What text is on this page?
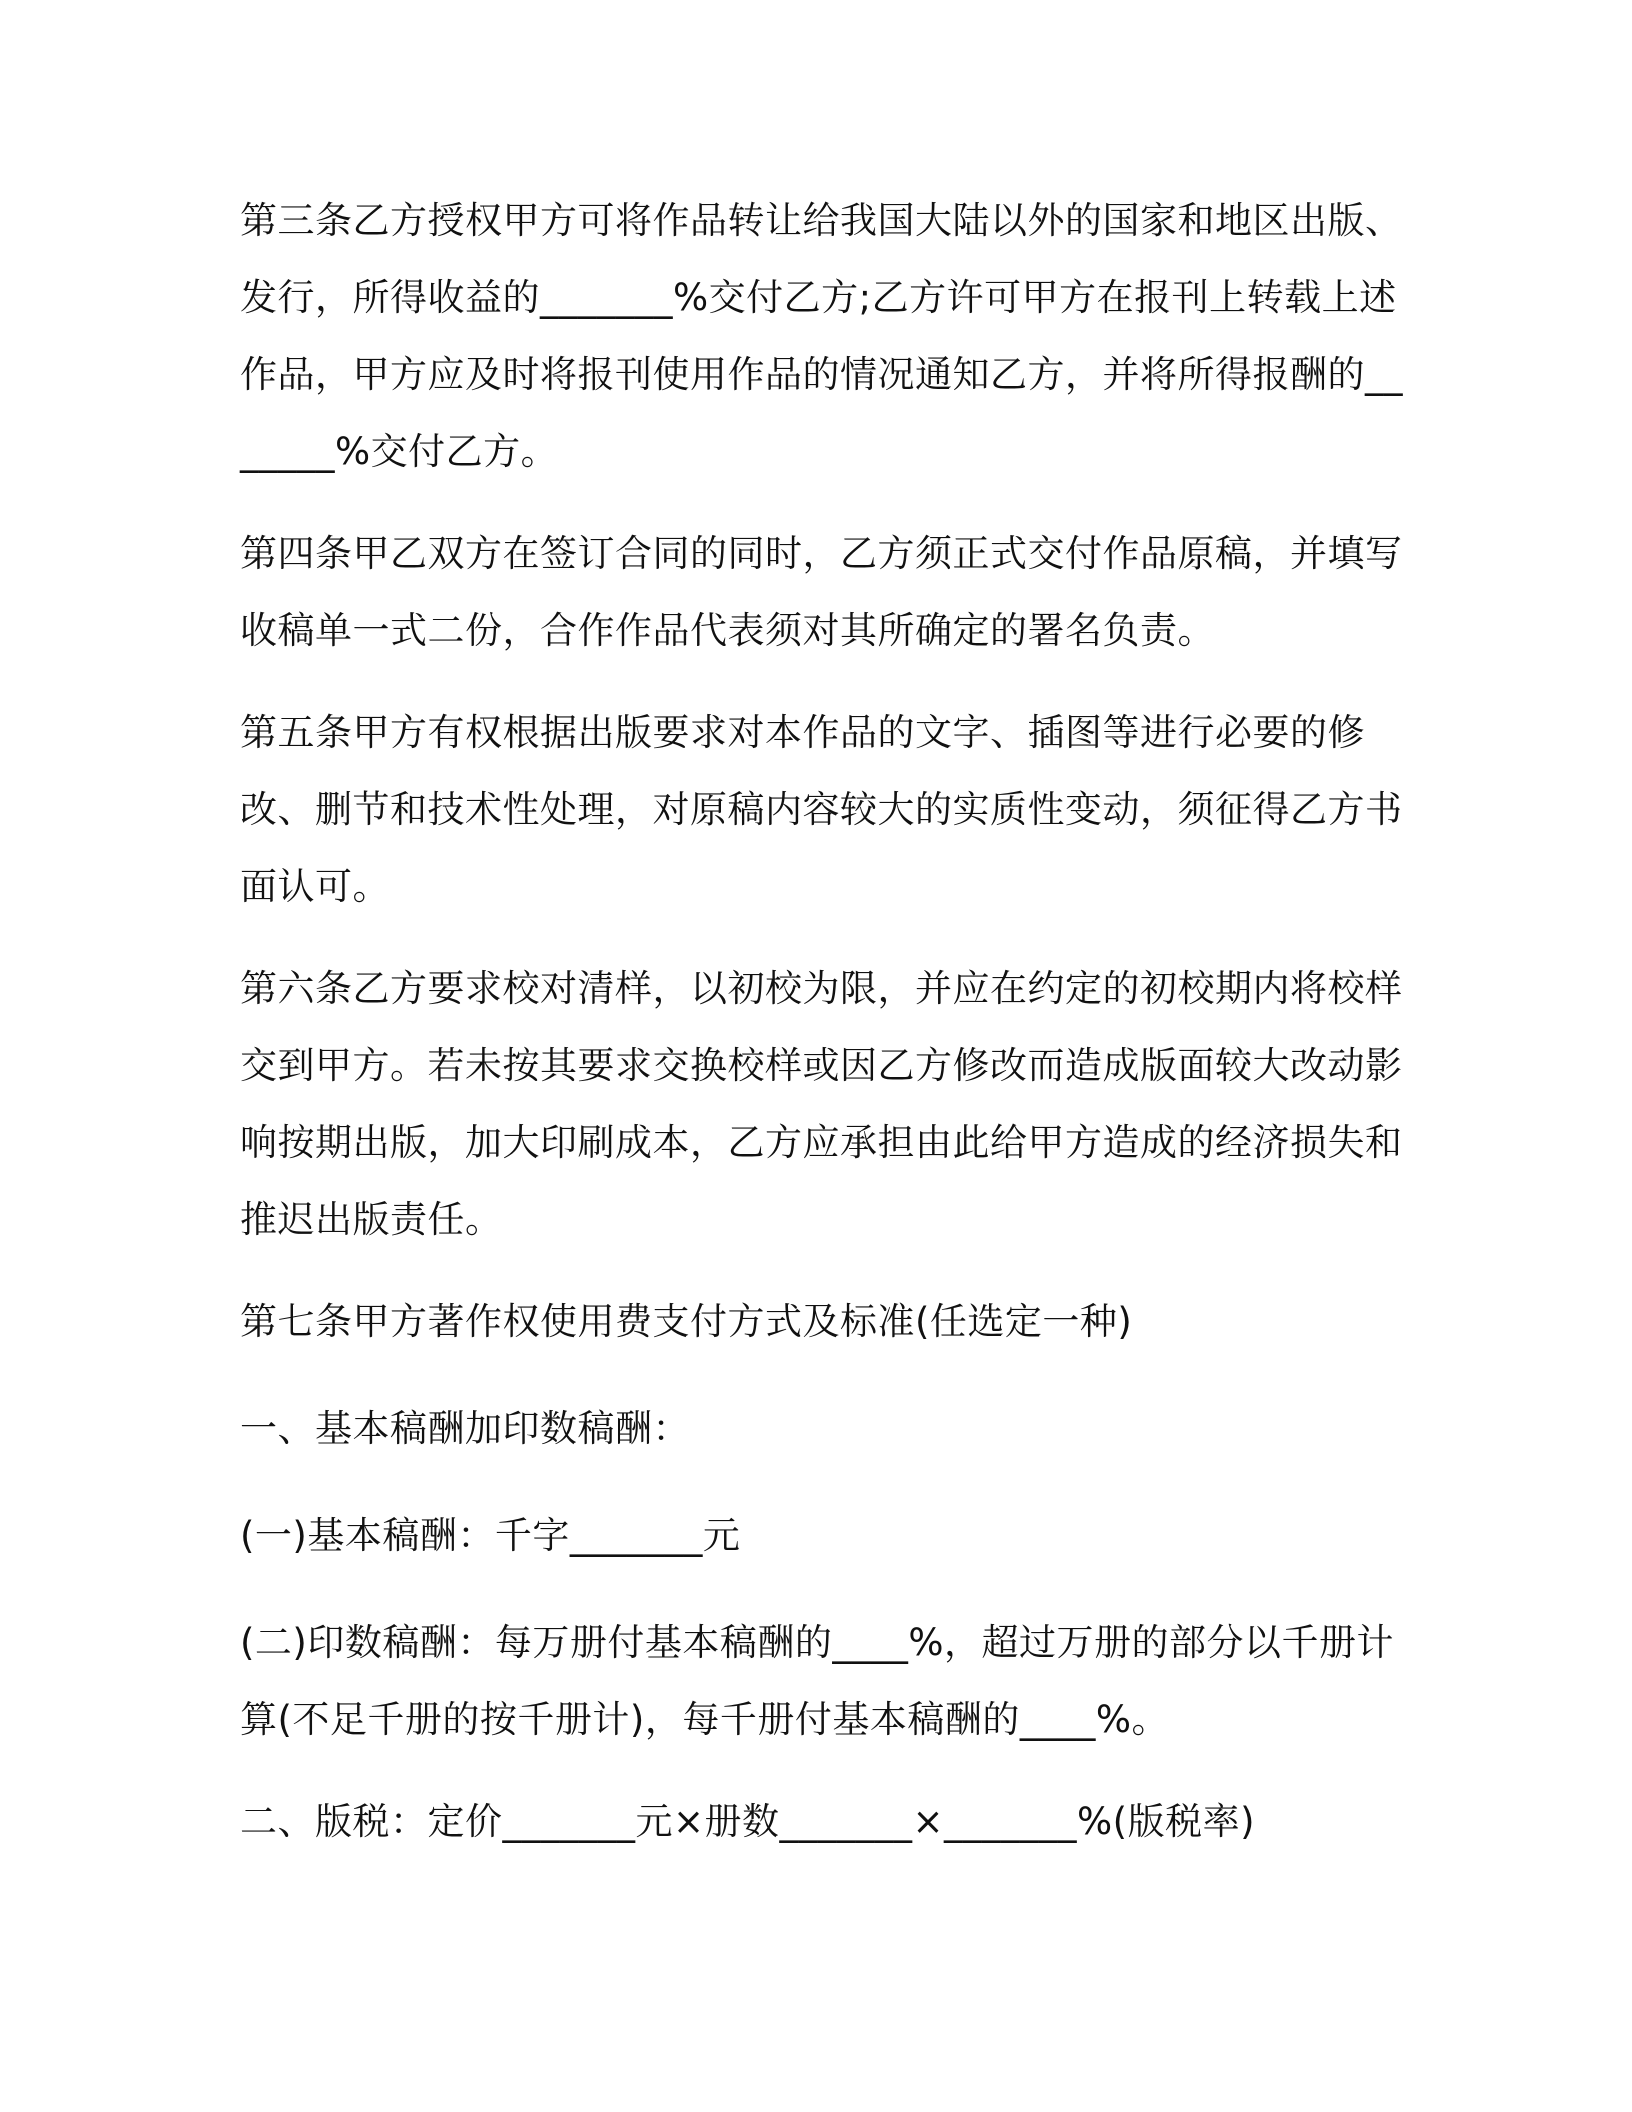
第三条乙方授权甲方可将作品转让给我国大陆以外的国家和地区出版、发行，所得收益的_______%交付乙方;乙方许可甲方在报刊上转载上述作品，甲方应及时将报刊使用作品的情况通知乙方，并将所得报酬的_______%交付乙方。

第四条甲乙双方在签订合同的同时，乙方须正式交付作品原稿，并填写收稿单一式二份，合作作品代表须对其所确定的署名负责。

第五条甲方有权根据出版要求对本作品的文字、插图等进行必要的修改、删节和技术性处理，对原稿内容较大的实质性变动，须征得乙方书面认可。

第六条乙方要求校对清样，以初校为限，并应在约定的初校期内将校样交到甲方。若未按其要求交换校样或因乙方修改而造成版面较大改动影响按期出版，加大印刷成本，乙方应承担由此给甲方造成的经济损失和推迟出版责任。

第七条甲方著作权使用费支付方式及标准(任选定一种)

一、基本稿酬加印数稿酬：

(一)基本稿酬：千字_______元

(二)印数稿酬：每万册付基本稿酬的____%，超过万册的部分以千册计算(不足千册的按千册计)，每千册付基本稿酬的____%。

二、版税：定价_______元×册数_______×_______%(版税率)
